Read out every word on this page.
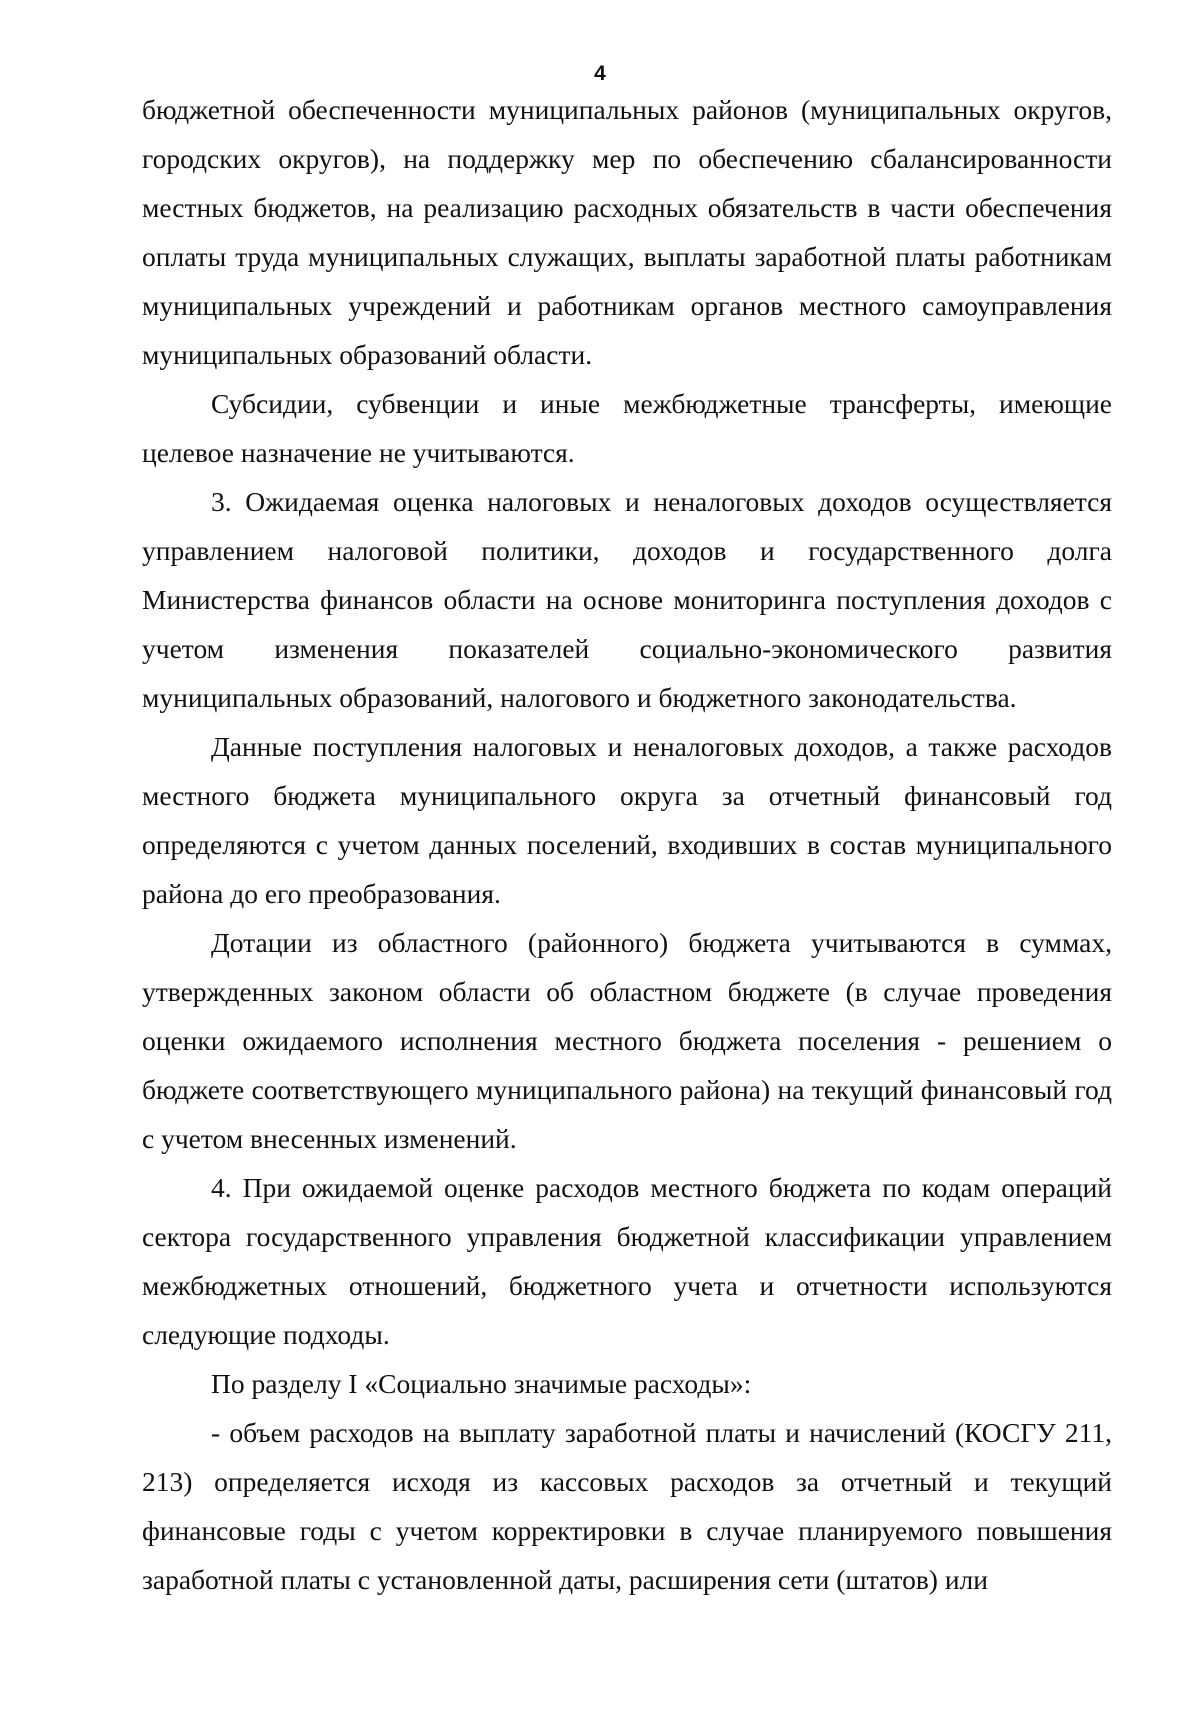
4

бюджетной обеспеченности муниципальных районов (муниципальных округов, городских округов), на поддержку мер по обеспечению сбалансированности местных бюджетов, на реализацию расходных обязательств в части обеспечения оплаты труда муниципальных служащих, выплаты заработной платы работникам муниципальных учреждений и работникам органов местного самоуправления муниципальных образований области.

Субсидии, субвенции и иные межбюджетные трансферты, имеющие целевое назначение не учитываются.

3. Ожидаемая оценка налоговых и неналоговых доходов осуществляется управлением налоговой политики, доходов и государственного долга Министерства финансов области на основе мониторинга поступления доходов с учетом изменения показателей социально-экономического развития муниципальных образований, налогового и бюджетного законодательства.

Данные поступления налоговых и неналоговых доходов, а также расходов местного бюджета муниципального округа за отчетный финансовый год определяются с учетом данных поселений, входивших в состав муниципального района до его преобразования.

Дотации из областного (районного) бюджета учитываются в суммах, утвержденных законом области об областном бюджете (в случае проведения оценки ожидаемого исполнения местного бюджета поселения - решением о бюджете соответствующего муниципального района) на текущий финансовый год с учетом внесенных изменений.

4. При ожидаемой оценке расходов местного бюджета по кодам операций сектора государственного управления бюджетной классификации управлением межбюджетных отношений, бюджетного учета и отчетности используются следующие подходы.

По разделу I «Социально значимые расходы»:

- объем расходов на выплату заработной платы и начислений (КОСГУ 211, 213) определяется исходя из кассовых расходов за отчетный и текущий финансовые годы с учетом корректировки в случае планируемого повышения заработной платы с установленной даты, расширения сети (штатов) или
